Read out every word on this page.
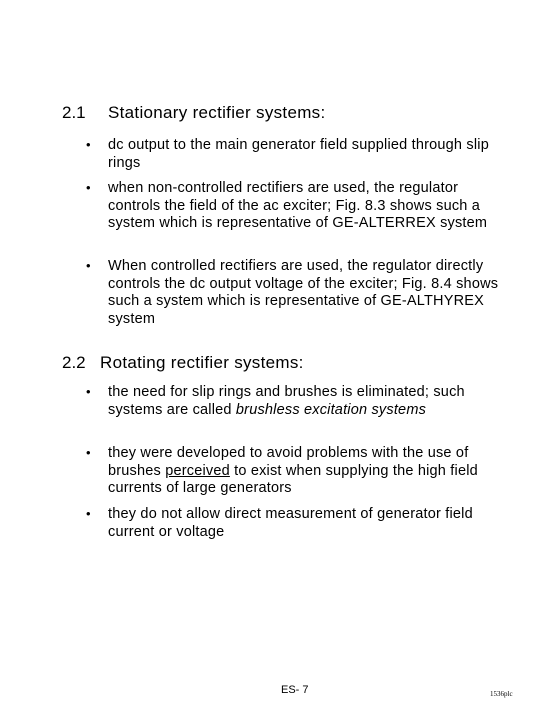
2.1 Stationary rectifier systems:
• dc output to the main generator field supplied through slip rings
• when non-controlled rectifiers are used, the regulator controls the field of the ac exciter; Fig. 8.3 shows such a system which is representative of GE-ALTERREX system
• When controlled rectifiers are used, the regulator directly controls the dc output voltage of the exciter; Fig. 8.4 shows such a system which is representative of GE-ALTHYREX system
2.2 Rotating rectifier systems:
• the need for slip rings and brushes is eliminated; such systems are called brushless excitation systems
• they were developed to avoid problems with the use of brushes perceived to exist when supplying the high field currents of large generators
• they do not allow direct measurement of generator field current or voltage
ES- 7	1536plc
